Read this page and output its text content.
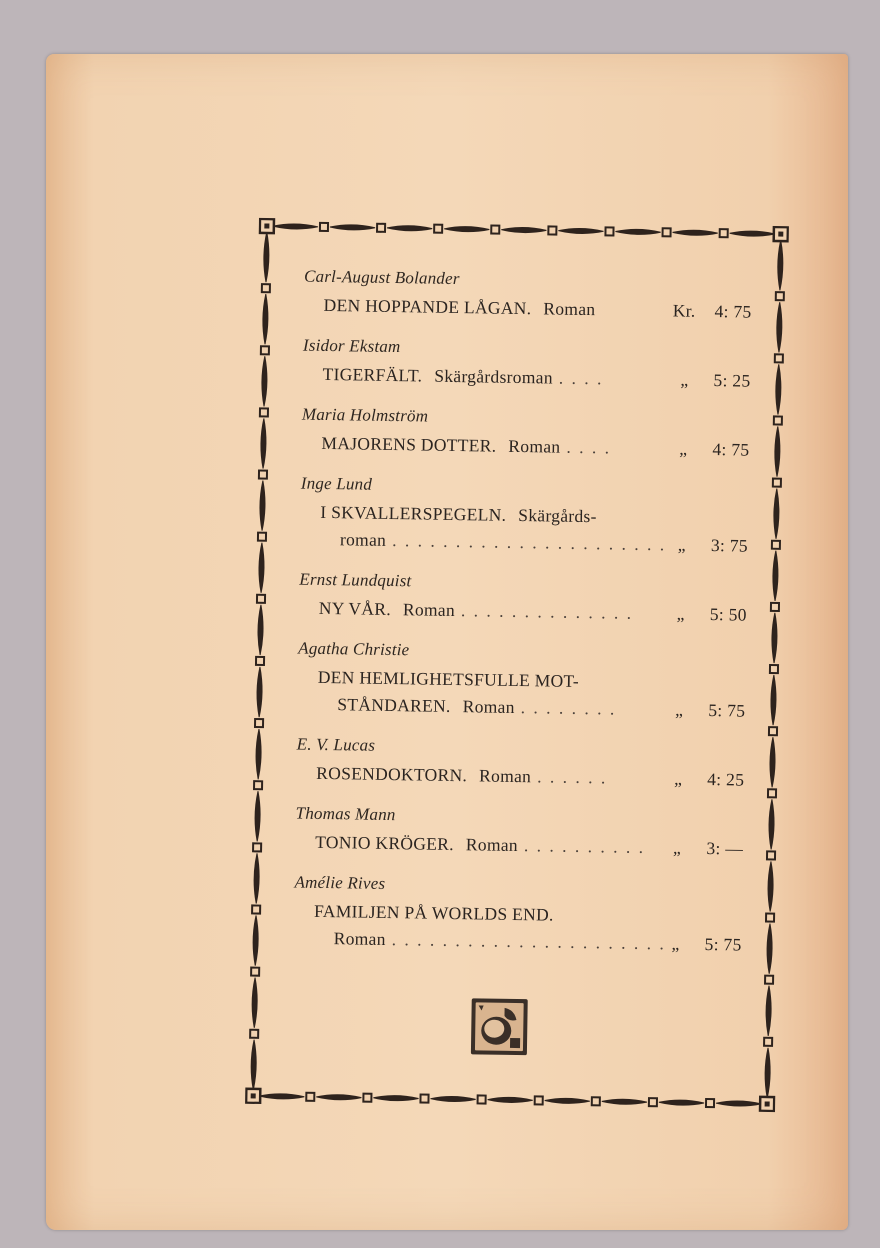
Carl-August Bolander
DEN HOPPANDE LÅGAN. Roman	Kr.	4: 75
Isidor Ekstam
TIGERFÄLT. Skärgårdsroman . . . .	„	5: 25
Maria Holmström
MAJORENS DOTTER. Roman . . . .	„	4: 75
Inge Lund
I SKVALLERSPEGELN. Skärgårds-
roman . . . . . . . . . . . . . . . . . . . . . . „	3: 75
Ernst Lundquist
NY VÅR. Roman . . . . . . . . . . . . . .	„	5: 50
Agatha Christie
DEN HEMLIGHETSFULLE MOT-
STÅNDAREN. Roman . . . . . . . .	„	5: 75
E. V. Lucas
ROSENDOKTORN. Roman . . . . . .	„	4: 25
Thomas Mann
TONIO KRÖGER. Roman . . . . . . . . . .	„	3: —
Amélie Rives
FAMILJEN PÅ WORLDS END.
Roman . . . . . . . . . . . . . . . . . . . . . . „	5: 75
